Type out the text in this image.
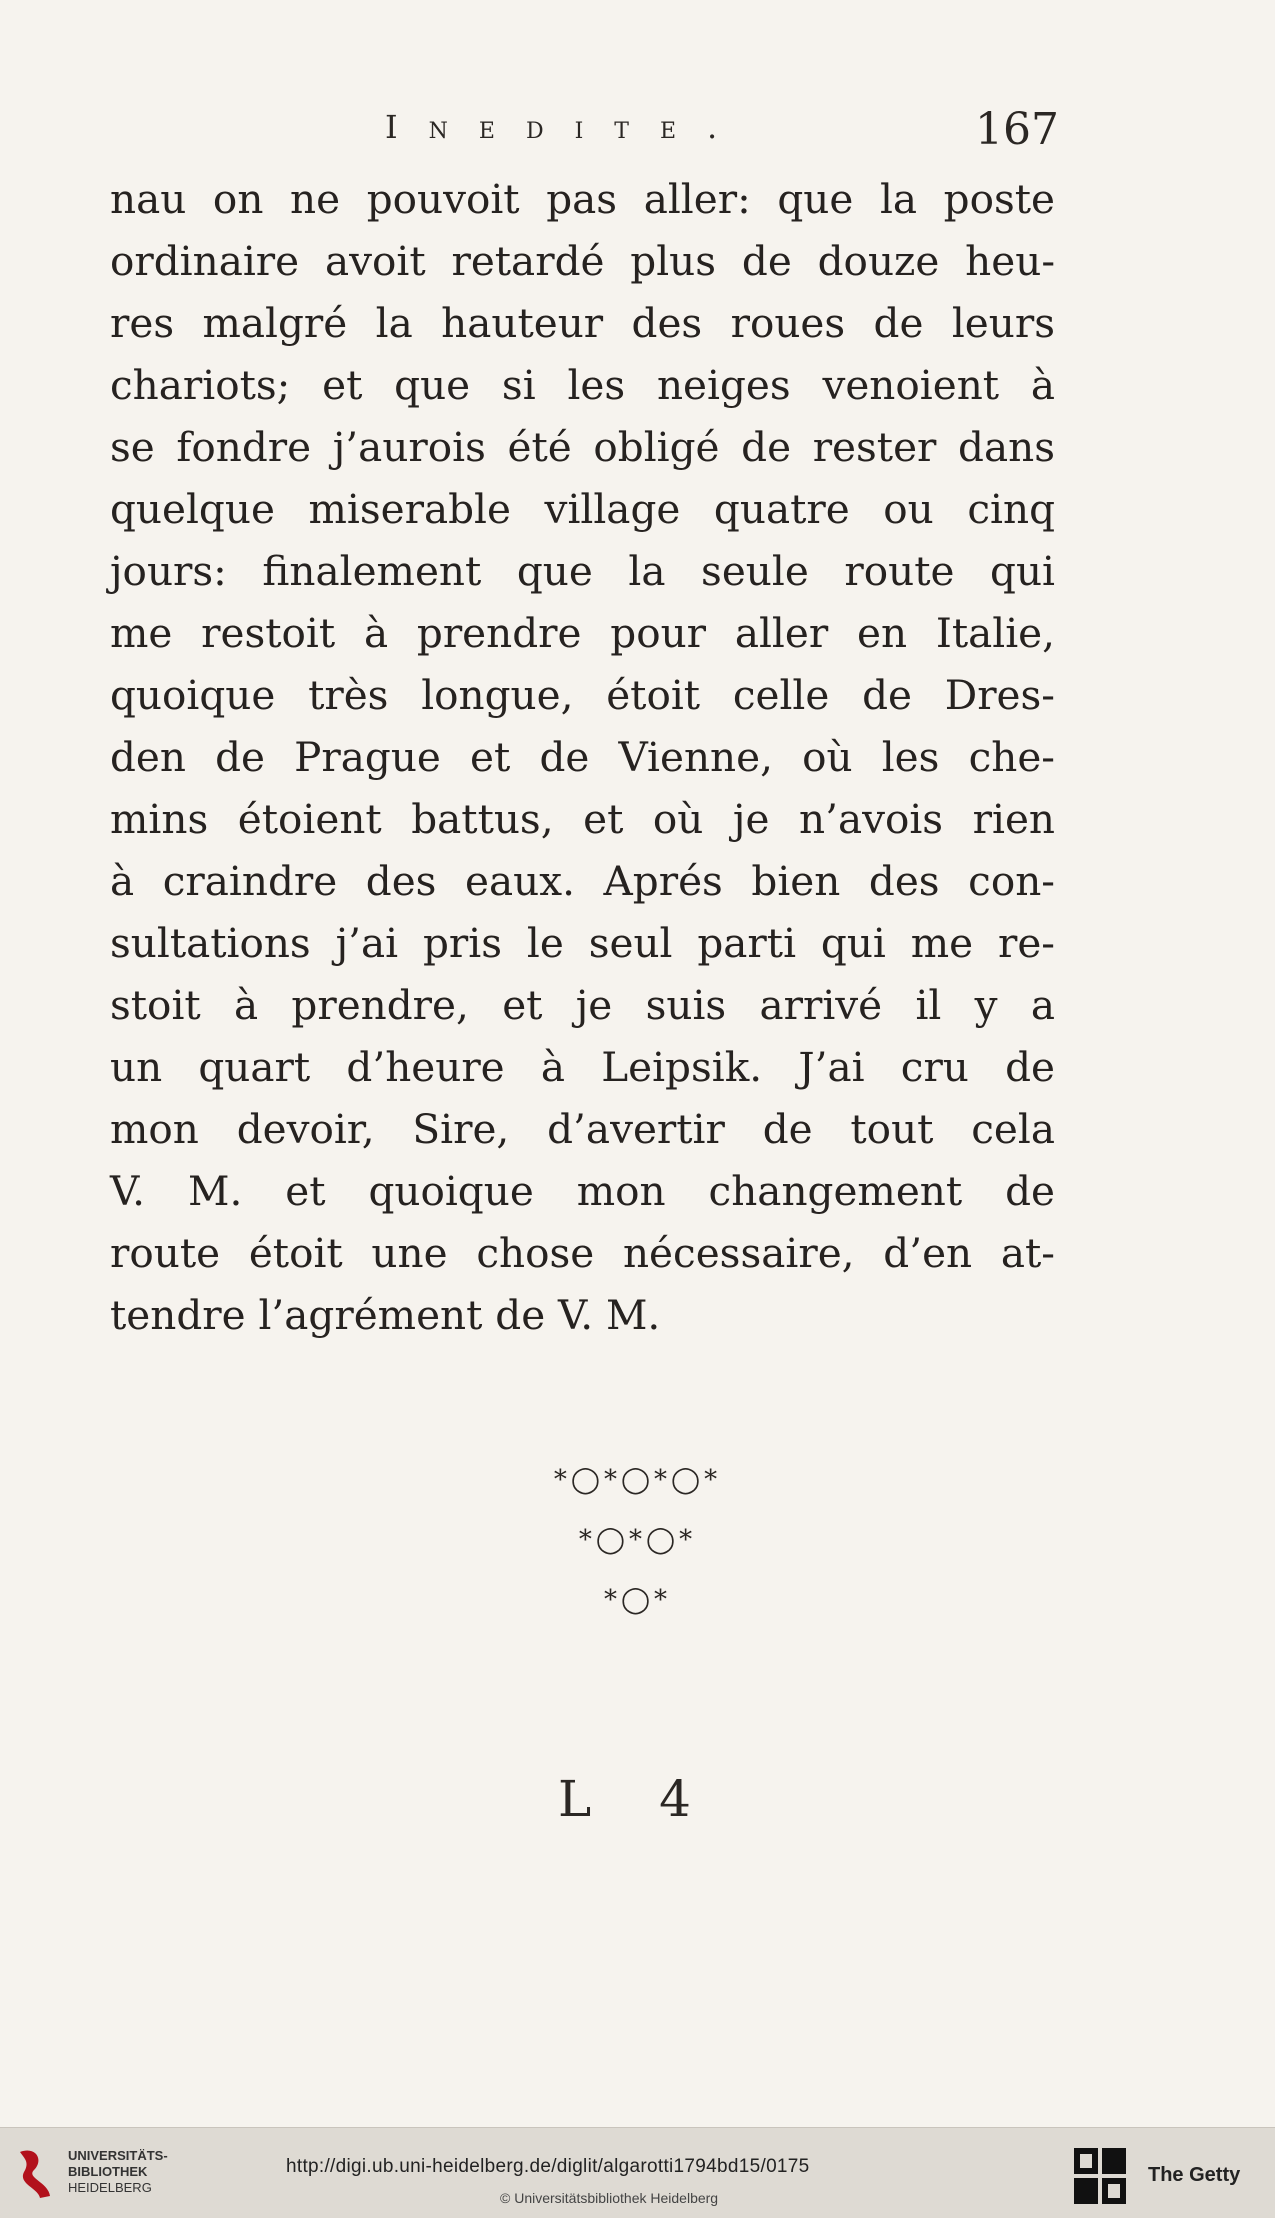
Inedite.	167
nau on ne pouvoit pas aller: que la poste
ordinaire avoit retardé plus de douze heu-
res malgré la hauteur des roues de leurs
chariots; et que si les neiges venoient à
se fondre j’aurois été obligé de rester dans
quelque miserable village quatre ou cinq
jours: finalement que la seule route qui
me restoit à prendre pour aller en Italie,
quoique très longue, étoit celle de Dres-
den de Prague et de Vienne, où les che-
mins étoient battus, et où je n’avois rien
à craindre des eaux. Aprés bien des con-
sultations j’ai pris le seul parti qui me re-
stoit à prendre, et je suis arrivé il y a
un quart d’heure à Leipsik. J’ai cru de
mon devoir, Sire, d’avertir de tout cela
V. M. et quoique mon changement de
route étoit une chose nécessaire, d’en at-
tendre l’agrément de V. M.
*◯*◯*◯*
*◯*◯*
*◯*
L 4
UNIVERSITÄTS-
BIBLIOTHEK
HEIDELBERG
http://digi.ub.uni-heidelberg.de/diglit/algarotti1794bd15/0175
© Universitätsbibliothek Heidelberg
The Getty
